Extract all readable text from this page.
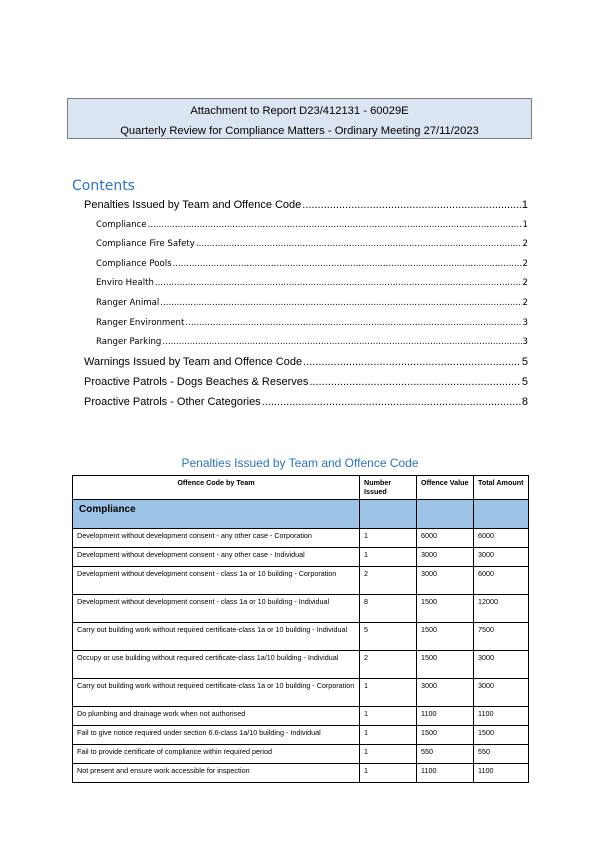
Attachment to Report D23/412131 - 60029E
Quarterly Review for Compliance Matters - Ordinary Meeting 27/11/2023
Contents
Penalties Issued by Team and Offence Code .....	1
Compliance .....	1
Compliance Fire Safety .....	2
Compliance Pools .....	2
Enviro Health .....	2
Ranger Animal .....	2
Ranger Environment .....	3
Ranger Parking .....	3
Warnings Issued by Team and Offence Code .....	5
Proactive Patrols - Dogs Beaches & Reserves .....	5
Proactive Patrols - Other Categories .....	8
Penalties Issued by Team and Offence Code
Offence Code by Team	Number Issued	Offence Value	Total Amount
Compliance			
Development without development consent - any other case - Corporation	1	6000	6000
Development without development consent - any other case - Individual	1	3000	3000
Development without development consent - class 1a or 10 building - Corporation	2	3000	6000
Development without development consent - class 1a or 10 building - Individual	8	1500	12000
Carry out building work without required certificate-class 1a or 10 building - Individual	5	1500	7500
Occupy or use building without required certificate-class 1a/10 building - Individual	2	1500	3000
Carry out building work without required certificate-class 1a or 10 building - Corporation	1	3000	3000
Do plumbing and drainage work when not authorised	1	1100	1100
Fail to give notice required under section 6.6-class 1a/10 building - Individual	1	1500	1500
Fail to provide certificate of compliance within required period	1	550	550
Not present and ensure work accessible for inspection	1	1100	1100
